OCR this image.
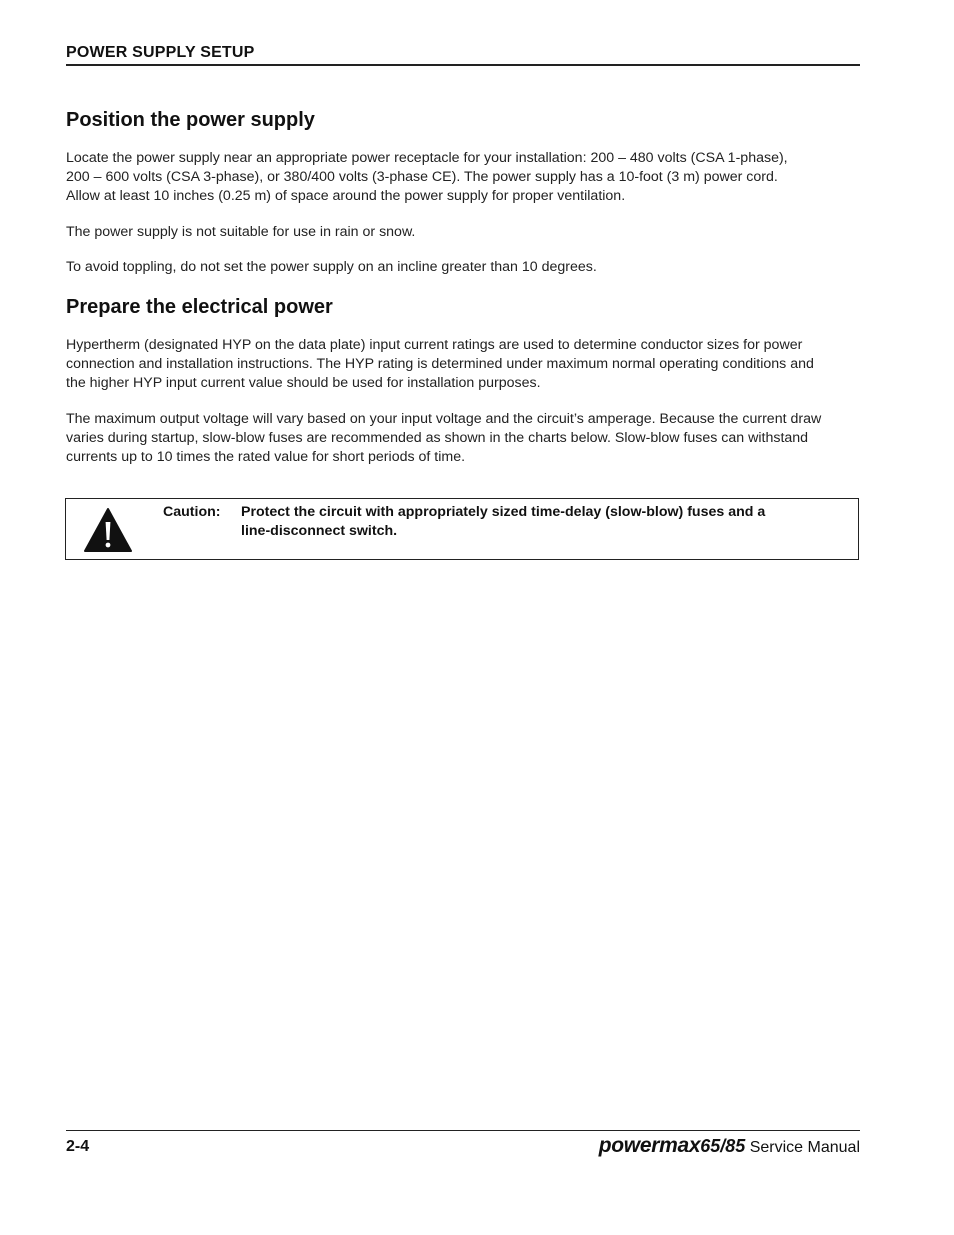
POWER SUPPLY SETUP
Position the power supply
Locate the power supply near an appropriate power receptacle for your installation: 200 – 480 volts (CSA 1-phase),
200 – 600 volts (CSA 3-phase), or 380/400 volts (3-phase CE). The power supply has a 10-foot (3 m) power cord.
Allow at least 10 inches (0.25 m) of space around the power supply for proper ventilation.
The power supply is not suitable for use in rain or snow.
To avoid toppling, do not set the power supply on an incline greater than 10 degrees.
Prepare the electrical power
Hypertherm (designated HYP on the data plate) input current ratings are used to determine conductor sizes for power
connection and installation instructions. The HYP rating is determined under maximum normal operating conditions and
the higher HYP input current value should be used for installation purposes.
The maximum output voltage will vary based on your input voltage and the circuit’s amperage. Because the current draw
varies during startup, slow-blow fuses are recommended as shown in the charts below. Slow-blow fuses can withstand
currents up to 10 times the rated value for short periods of time.
Caution: Protect the circuit with appropriately sized time-delay (slow-blow) fuses and a
line-disconnect switch.
2-4	powermax65/85 Service Manual
